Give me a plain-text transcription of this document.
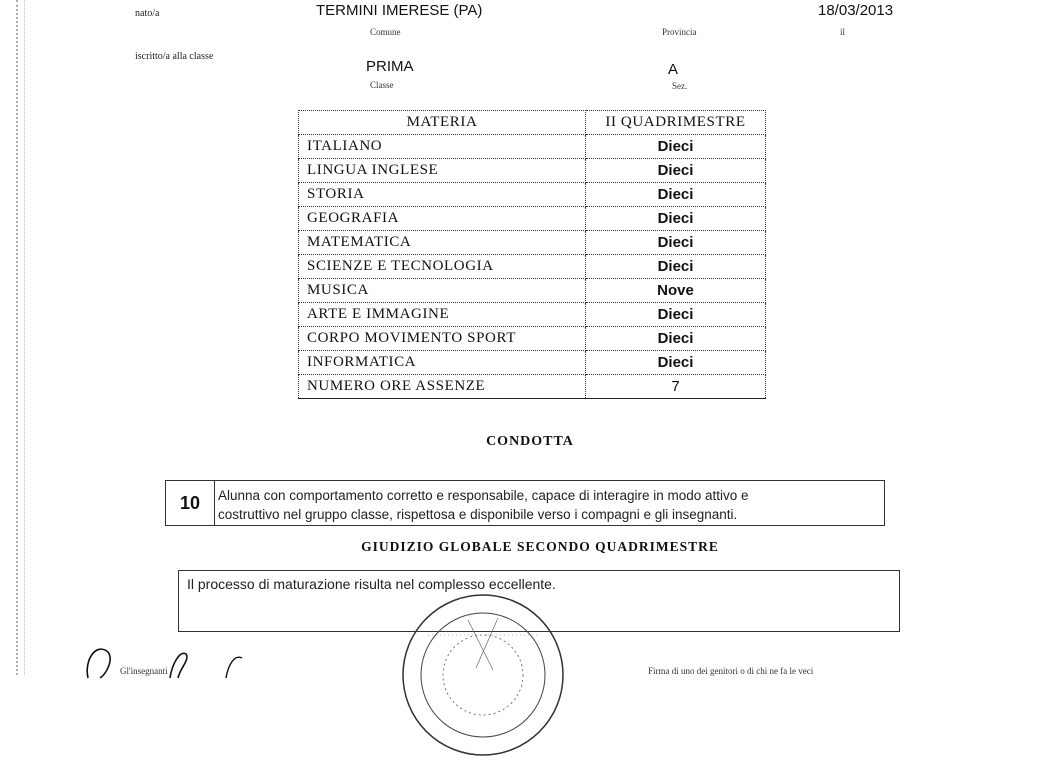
nato/a	TERMINI IMERESE (PA)
Comune	Provincia
18/03/2013
il
iscritto/a alla classe
PRIMA
Classe
A
Sez.
MATERIA	II QUADRIMESTRE
ITALIANO	Dieci
LINGUA INGLESE	Dieci
STORIA	Dieci
GEOGRAFIA	Dieci
MATEMATICA	Dieci
SCIENZE E TECNOLOGIA	Dieci
MUSICA	Nove
ARTE E IMMAGINE	Dieci
CORPO MOVIMENTO SPORT	Dieci
INFORMATICA	Dieci
NUMERO ORE ASSENZE	7
CONDOTTA
10	Alunna con comportamento corretto e responsabile, capace di interagire in modo attivo e
costruttivo nel gruppo classe, rispettosa e disponibile verso i compagni e gli insegnanti.
GIUDIZIO GLOBALE SECONDO QUADRIMESTRE
Il processo di maturazione risulta nel complesso eccellente.
Gl'insegnanti	Firma di uno dei genitori o di chi ne fa le veci
